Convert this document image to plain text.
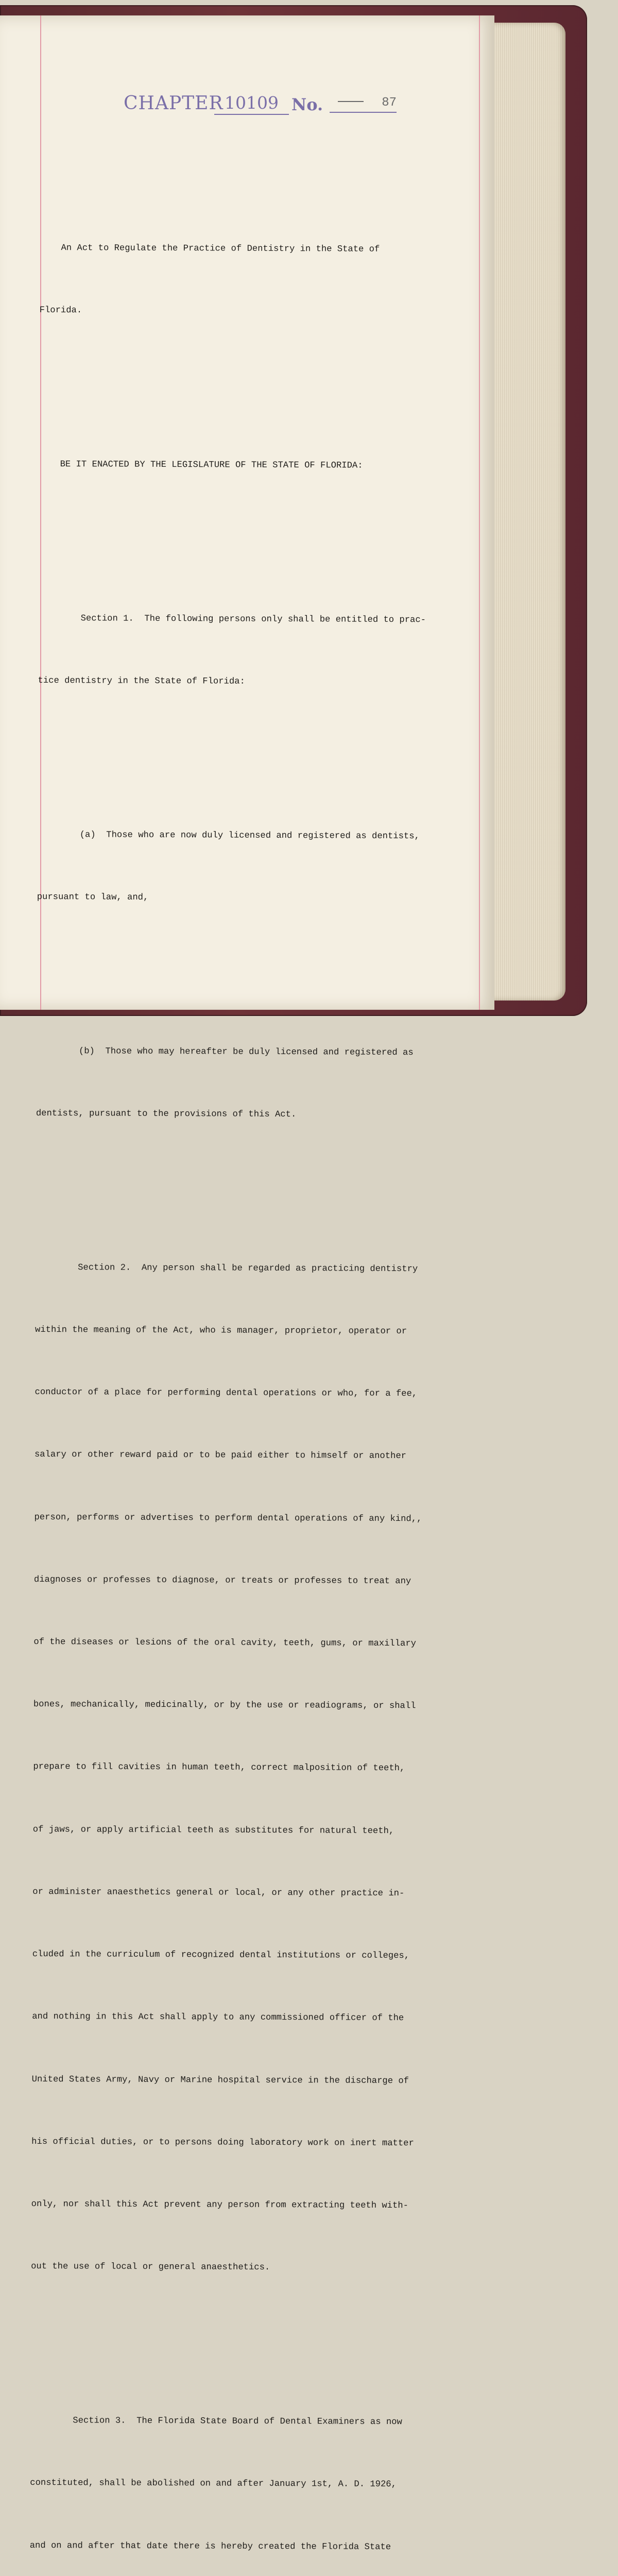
CHAPTER 10109 No.	87

An Act to Regulate the Practice of Dentistry in the State of

Florida.

BE IT ENACTED BY THE LEGISLATURE OF THE STATE OF FLORIDA:

Section 1.  The following persons only shall be entitled to prac-

tice dentistry in the State of Florida:

(a)  Those who are now duly licensed and registered as dentists,

pursuant to law, and,

(b)  Those who may hereafter be duly licensed and registered as

dentists, pursuant to the provisions of this Act.

Section 2.  Any person shall be regarded as practicing dentistry

within the meaning of the Act, who is manager, proprietor, operator or

conductor of a place for performing dental operations or who, for a fee,

salary or other reward paid or to be paid either to himself or another

person, performs or advertises to perform dental operations of any kind,,

diagnoses or professes to diagnose, or treats or professes to treat any

of the diseases or lesions of the oral cavity, teeth, gums, or maxillary

bones, mechanically, medicinally, or by the use or readiograms, or shall

prepare to fill cavities in human teeth, correct malposition of teeth,

of jaws, or apply artificial teeth as substitutes for natural teeth,

or administer anaesthetics general or local, or any other practice in-

cluded in the curriculum of recognized dental institutions or colleges,

and nothing in this Act shall apply to any commissioned officer of the

United States Army, Navy or Marine hospital service in the discharge of

his official duties, or to persons doing laboratory work on inert matter

only, nor shall this Act prevent any person from extracting teeth with-

out the use of local or general anaesthetics.

Section 3.  The Florida State Board of Dental Examiners as now

constituted, shall be abolished on and after January 1st, A. D. 1926,

and on and after that date there is hereby created the Florida State
